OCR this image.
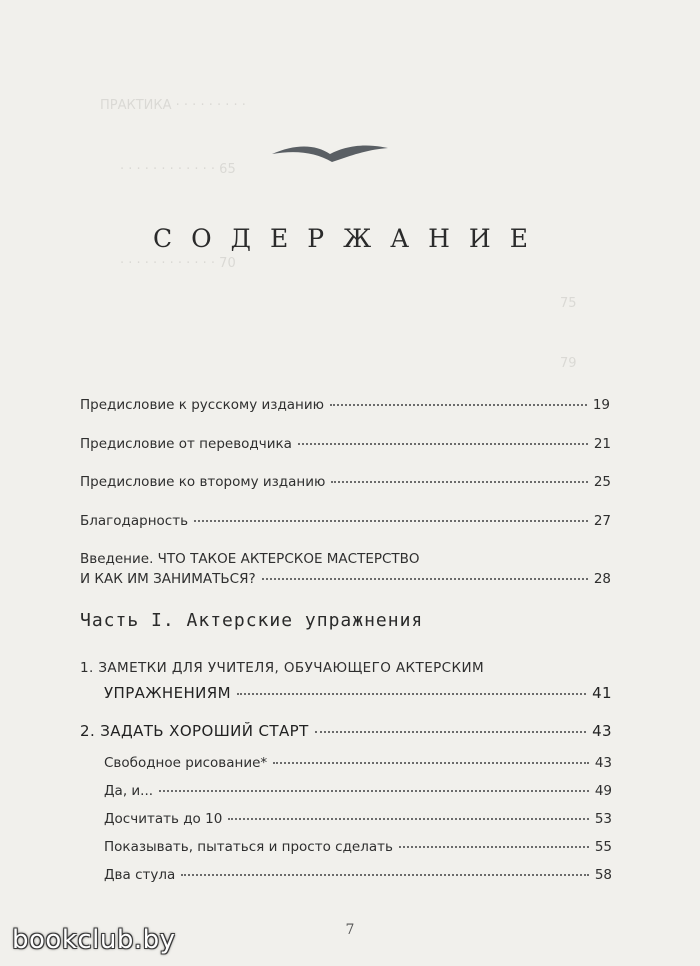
ПРАКТИКА · · · · · · · · ·
· · · · · · · · · · · · 65
· · · · · · · · · · · · 70
75
79
СОДЕРЖАНИЕ
Предисловие к русскому изданию	19
Предисловие от переводчика	21
Предисловие ко второму изданию	25
Благодарность	27
Введение. ЧТО ТАКОЕ АКТЕРСКОЕ МАСТЕРСТВО
И КАК ИМ ЗАНИМАТЬСЯ?	28
Часть I. Актерские упражнения
1. ЗАМЕТКИ ДЛЯ УЧИТЕЛЯ, ОБУЧАЮЩЕГО АКТЕРСКИМ
УПРАЖНЕНИЯМ	41
2. ЗАДАТЬ ХОРОШИЙ СТАРТ	43
Свободное рисование*	43
Да, и...	49
Досчитать до 10	53
Показывать, пытаться и просто сделать	55
Два стула	58
7
bookclub.by
